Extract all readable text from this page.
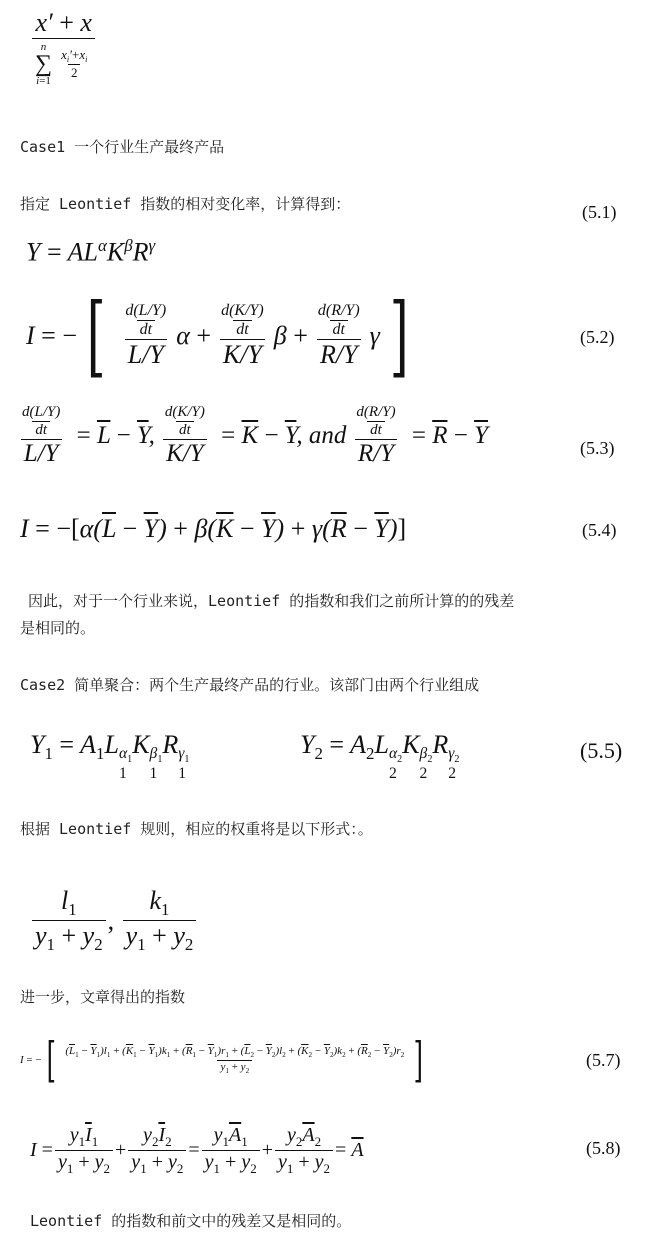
x′ + x
n
∑
i=1
$\frac{x_i'+x_i}{2}$
Case1 一个行业生产最终产品
指定 Leontief 指数的相对变化率，计算得到：	(5.1)
$Y = AL^\alpha K^\beta R^\gamma$
I = − [ $\frac{\frac{d(L/Y)}{dt}}{L/Y}$ $\alpha + \frac{\frac{d(K/Y)}{dt}}{K/Y}$ $\beta + \frac{\frac{d(R/Y)}{dt}}{R/Y}$ γ ]	(5.2)
$\frac{\frac{d(L/Y)}{dt}}{L/Y} = \overline{L} - \overline{Y}$, $\frac{\frac{d(K/Y)}{dt}}{K/Y} = \overline{K} - \overline{Y}$, and $\frac{\frac{d(R/Y)}{dt}}{R/Y} = \overline{R} - \overline{Y}$	(5.3)
$I = -[\alpha(\overline{L} - \overline{Y}) + \beta(\overline{K} - \overline{Y}) + \gamma(\overline{R} - \overline{Y})]$	(5.4)
因此，对于一个行业来说，Leontief 的指数和我们之前所计算的的残差
是相同的。
Case2 简单聚合：两个生产最终产品的行业。该部门由两个行业组成
$Y_1 = A_1L$ $\alpha_1$
1
K $\beta_1$
1
R $\gamma_1$
1
$Y_2 = A_2L$ $\alpha_2$
2
K $\beta_2$
2
R $\gamma_2$
2
(5.5)
根据 Leontief 规则，相应的权重将是以下形式：。
$\frac{l_1}{y_1 + y_2}$ , $\frac{k_1}{y_1 + y_2}$
进一步，文章得出的指数
I = − [ $(\overline{L}_1 - \overline{Y}_1)l_1 + (\overline{K}_1 - \overline{Y}_1)k_1 + (\overline{R}_1 - \overline{Y}_1)r_1 + (\overline{L}_2 - \overline{Y}_2)l_2 + (\overline{K}_2 - \overline{Y}_2)k_2 + (\overline{R}_2 - \overline{Y}_2)r_2$
$y_1 + y_2$	]	(5.7)
$I = \frac{y_1\overline{I}_1}{y_1 + y_2} + \frac{y_2\overline{I}_2}{y_1 + y_2} = \frac{y_1\overline{A}_1}{y_1 + y_2} + \frac{y_2\overline{A}_2}{y_1 + y_2}$ =
$\overline{A}$	(5.8)
Leontief 的指数和前文中的残差又是相同的。
